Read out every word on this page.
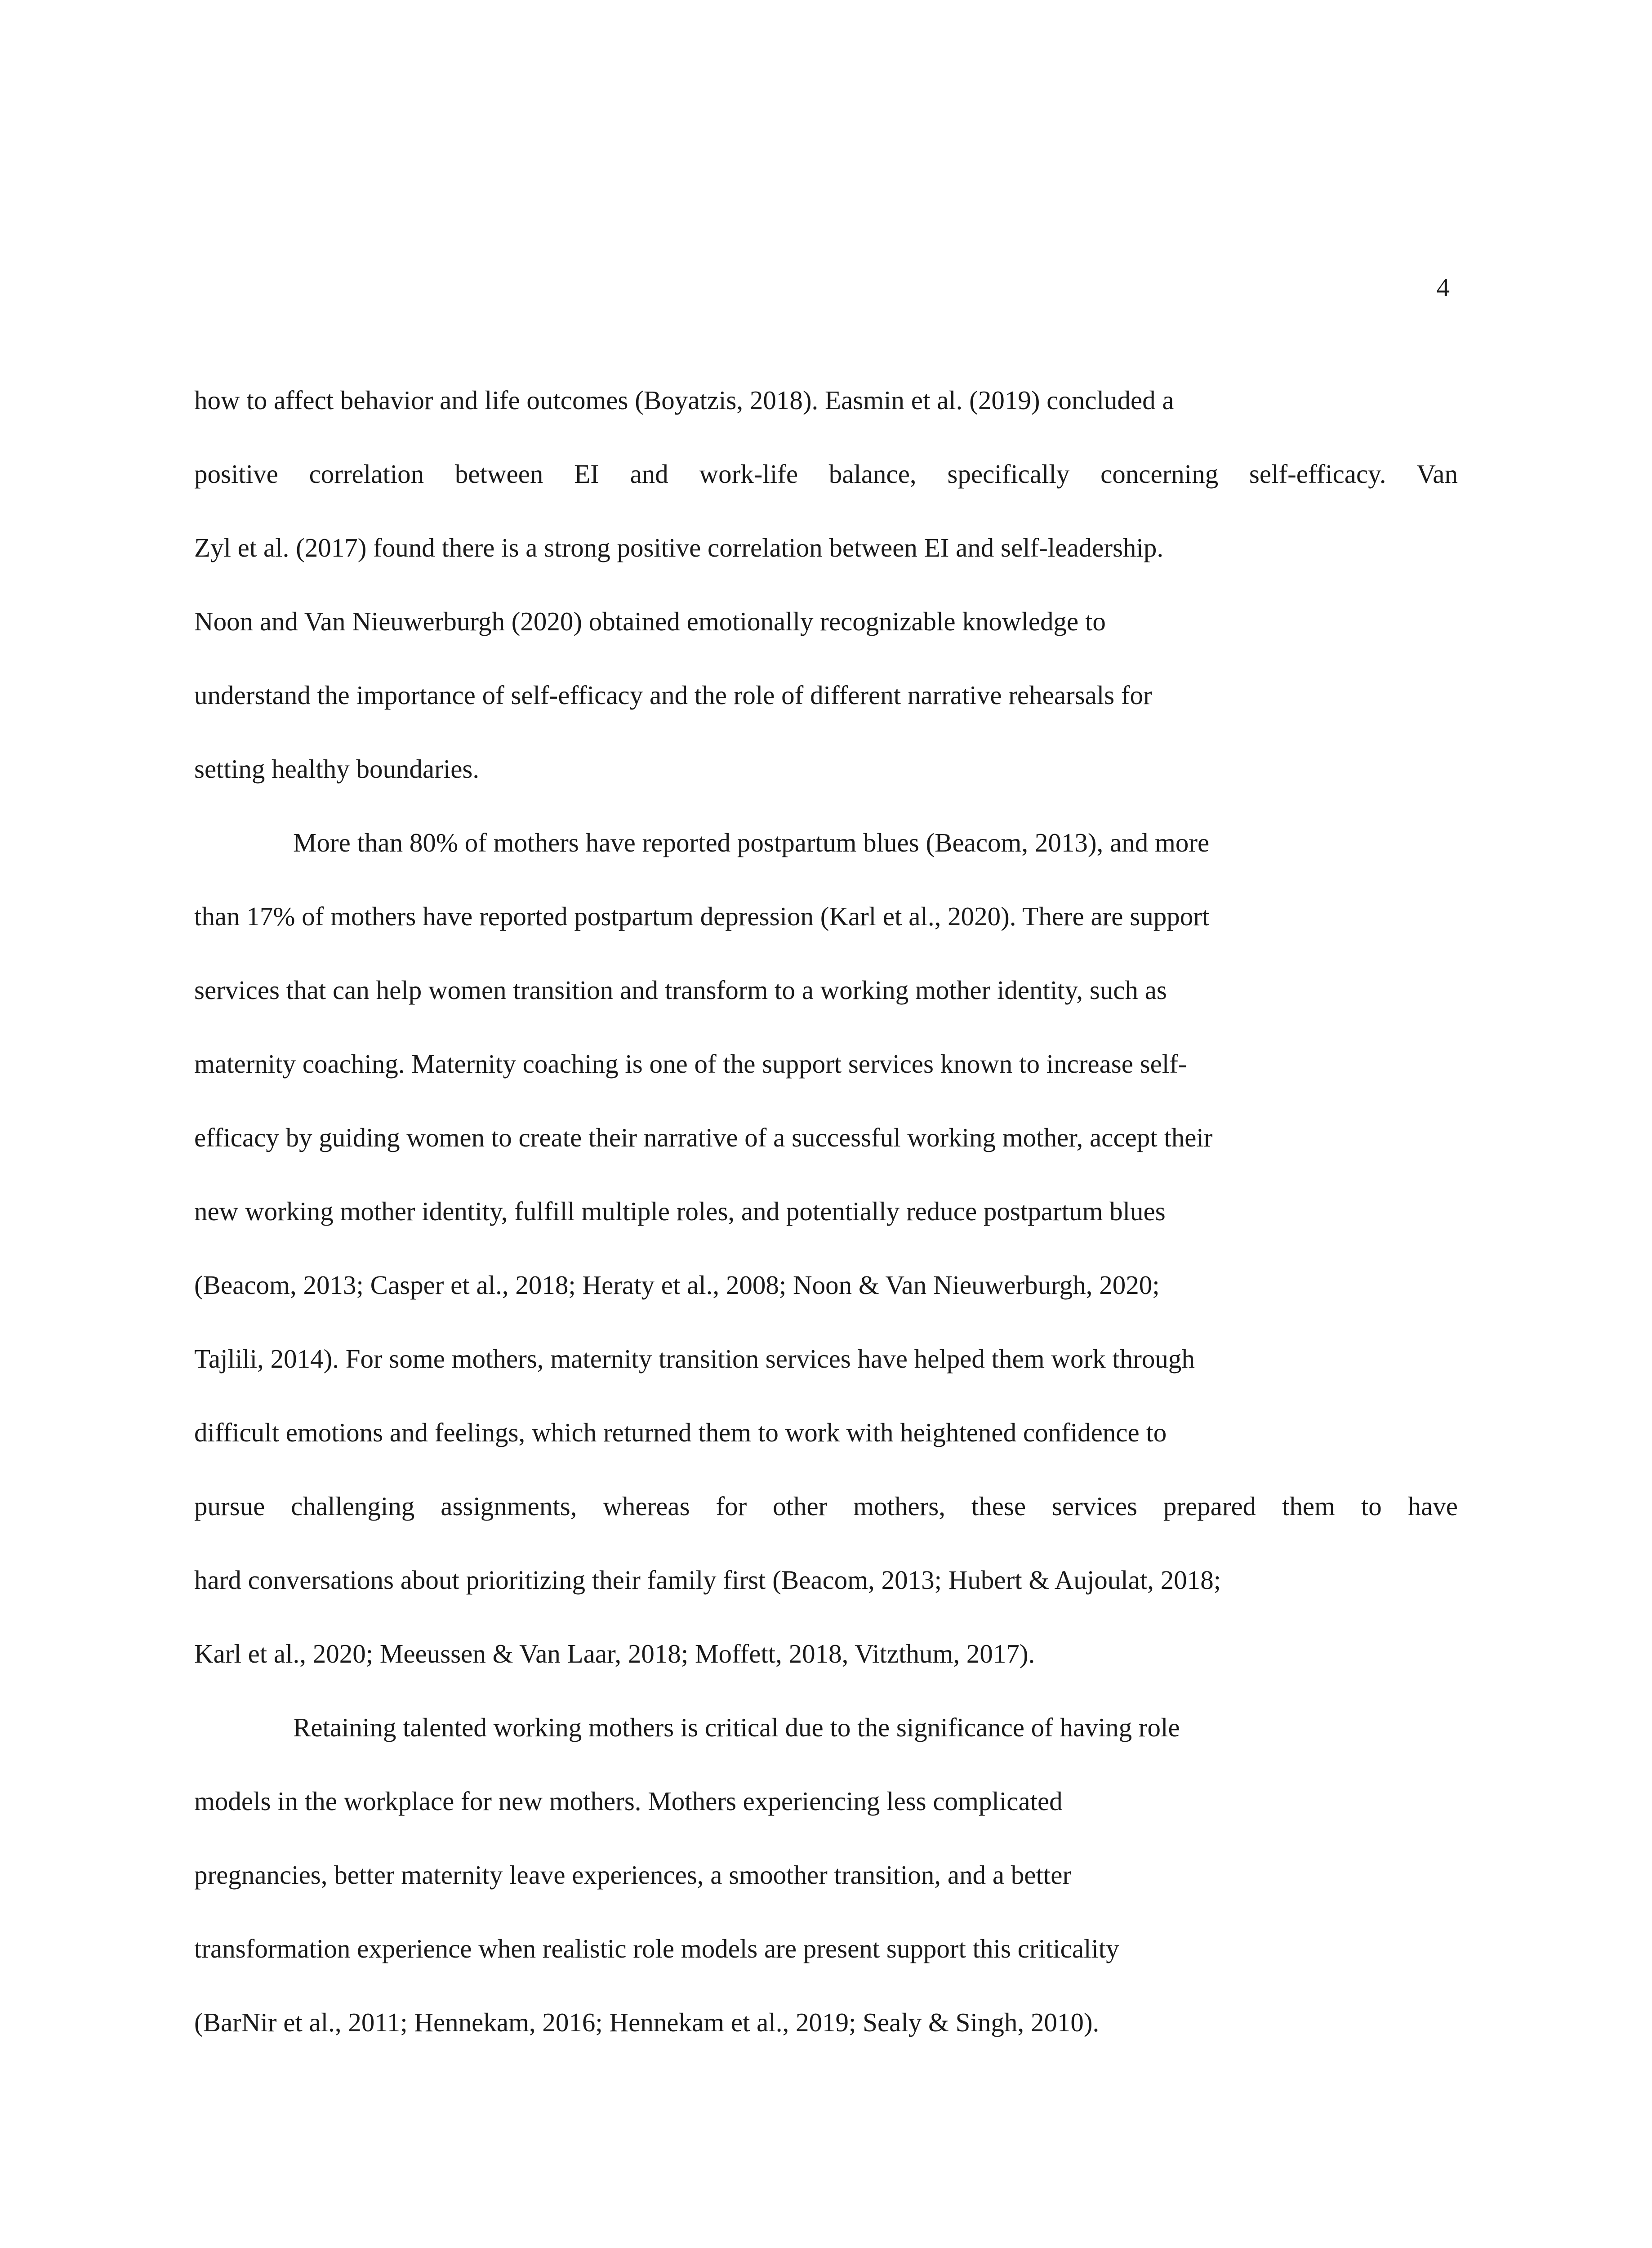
4
how to affect behavior and life outcomes (Boyatzis, 2018). Easmin et al. (2019) concluded a
positive correlation between EI and work-life balance, specifically concerning self-efficacy. Van
Zyl et al. (2017) found there is a strong positive correlation between EI and self-leadership.
Noon and Van Nieuwerburgh (2020) obtained emotionally recognizable knowledge to
understand the importance of self-efficacy and the role of different narrative rehearsals for
setting healthy boundaries.
More than 80% of mothers have reported postpartum blues (Beacom, 2013), and more
than 17% of mothers have reported postpartum depression (Karl et al., 2020). There are support
services that can help women transition and transform to a working mother identity, such as
maternity coaching. Maternity coaching is one of the support services known to increase self-
efficacy by guiding women to create their narrative of a successful working mother, accept their
new working mother identity, fulfill multiple roles, and potentially reduce postpartum blues
(Beacom, 2013; Casper et al., 2018; Heraty et al., 2008; Noon & Van Nieuwerburgh, 2020;
Tajlili, 2014). For some mothers, maternity transition services have helped them work through
difficult emotions and feelings, which returned them to work with heightened confidence to
pursue challenging assignments, whereas for other mothers, these services prepared them to have
hard conversations about prioritizing their family first (Beacom, 2013; Hubert & Aujoulat, 2018;
Karl et al., 2020; Meeussen & Van Laar, 2018; Moffett, 2018, Vitzthum, 2017).
Retaining talented working mothers is critical due to the significance of having role
models in the workplace for new mothers. Mothers experiencing less complicated
pregnancies, better maternity leave experiences, a smoother transition, and a better
transformation experience when realistic role models are present support this criticality
(BarNir et al., 2011; Hennekam, 2016; Hennekam et al., 2019; Sealy & Singh, 2010).
